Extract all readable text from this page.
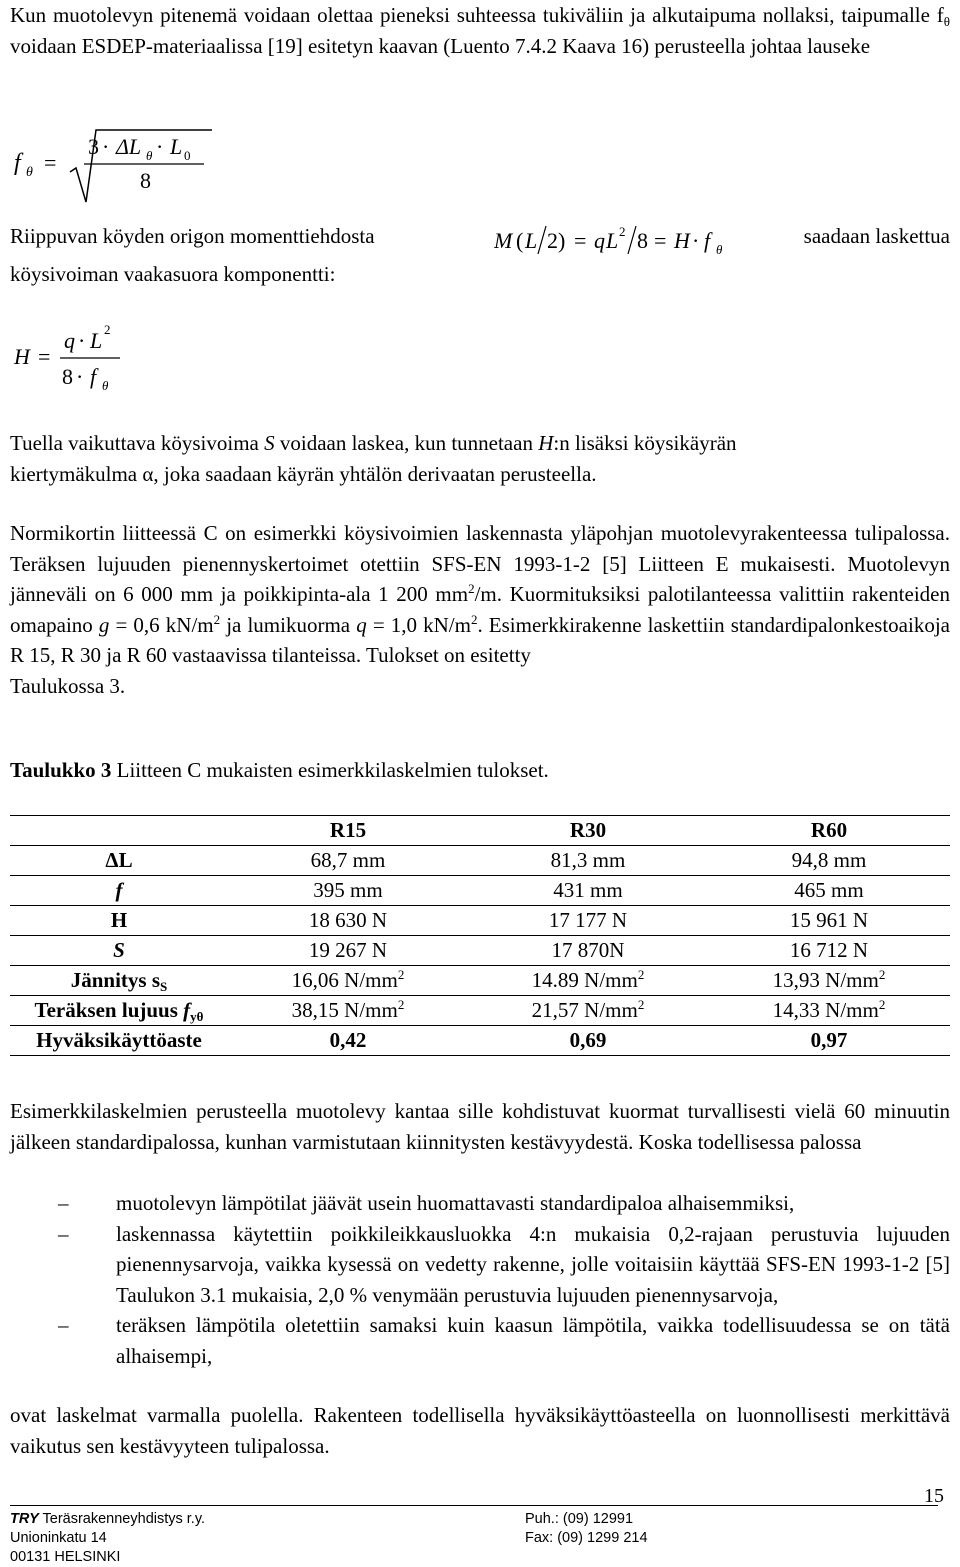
Kun muotolevyn pitenemä voidaan olettaa pieneksi suhteessa tukiväliin ja alkutaipuma nollaksi, taipumalle $f_\theta$ voidaan ESDEP-materiaalissa [19] esitetyn kaavan (Luento 7.4.2 Kaava 16) perusteella johtaa lauseke

f θ =
3 · ΔL θ · L 0
8
Riippuvan köyden origon momenttiehdosta	M ( L 2 ) = q L 2 8 = H · f θ
saadaan laskettua
köysivoiman vaakasuora komponentti:
H =
q · L 2
8 · f θ

Tuella vaikuttava köysivoima S voidaan laskea, kun tunnetaan H:n lisäksi köysikäyrän
kiertymäkulma α, joka saadaan käyrän yhtälön derivaatan perusteella.

Normikortin liitteessä C on esimerkki köysivoimien laskennasta yläpohjan muotolevyrakenteessa tulipalossa. Teräksen lujuuden pienennyskertoimet otettiin SFS-EN 1993-1-2 [5] Liitteen E mukaisesti. Muotolevyn jänneväli on 6 000 mm ja poikkipinta-ala 1 200 $mm^2/m$. Kuormituksiksi palotilanteessa valittiin rakenteiden omapaino g = 0,6 $kN/m^2$ ja lumikuorma q = 1,0 $kN/m^2$. Esimerkkirakenne laskettiin standardipalonkestoaikoja R 15, R 30 ja R 60 vastaavissa tilanteissa. Tulokset on esitetty
Taulukossa 3.

Taulukko 3 Liitteen C mukaisten esimerkkilaskelmien tulokset.
	R15	R30	R60
ΔL	68,7 mm	81,3 mm	94,8 mm
f	395 mm	431 mm	465 mm
H	18 630 N	17 177 N	15 961 N
S	19 267 N	17 870N	16 712 N
Jännitys $s_S$	16,06 $N/mm^2$	14.89 $N/mm^2$	13,93 $N/mm^2$
Teräksen lujuus $f_{y\theta}$	38,15 $N/mm^2$	21,57 $N/mm^2$	14,33 $N/mm^2$
Hyväksikäyttöaste	0,42	0,69	0,97

Esimerkkilaskelmien perusteella muotolevy kantaa sille kohdistuvat kuormat turvallisesti vielä 60 minuutin jälkeen standardipalossa, kunhan varmistutaan kiinnitysten kestävyydestä. Koska todellisessa palossa

– muotolevyn lämpötilat jäävät usein huomattavasti standardipaloa alhaisemmiksi,
– laskennassa käytettiin poikkileikkausluokka 4:n mukaisia 0,2-rajaan perustuvia lujuuden pienennysarvoja, vaikka kysessä on vedetty rakenne, jolle voitaisiin käyttää SFS-EN 1993-1-2 [5] Taulukon 3.1 mukaisia, 2,0 % venymään perustuvia lujuuden pienennysarvoja,
– teräksen lämpötila oletettiin samaksi kuin kaasun lämpötila, vaikka todellisuudessa se on tätä alhaisempi,

ovat laskelmat varmalla puolella. Rakenteen todellisella hyväksikäyttöasteella on luonnollisesti merkittävä vaikutus sen kestävyyteen tulipalossa.

15
TRY Teräsrakenneyhdistys r.y.
Unioninkatu 14
00131 HELSINKI
Puh.: (09) 12991
Fax: (09) 1299 214
